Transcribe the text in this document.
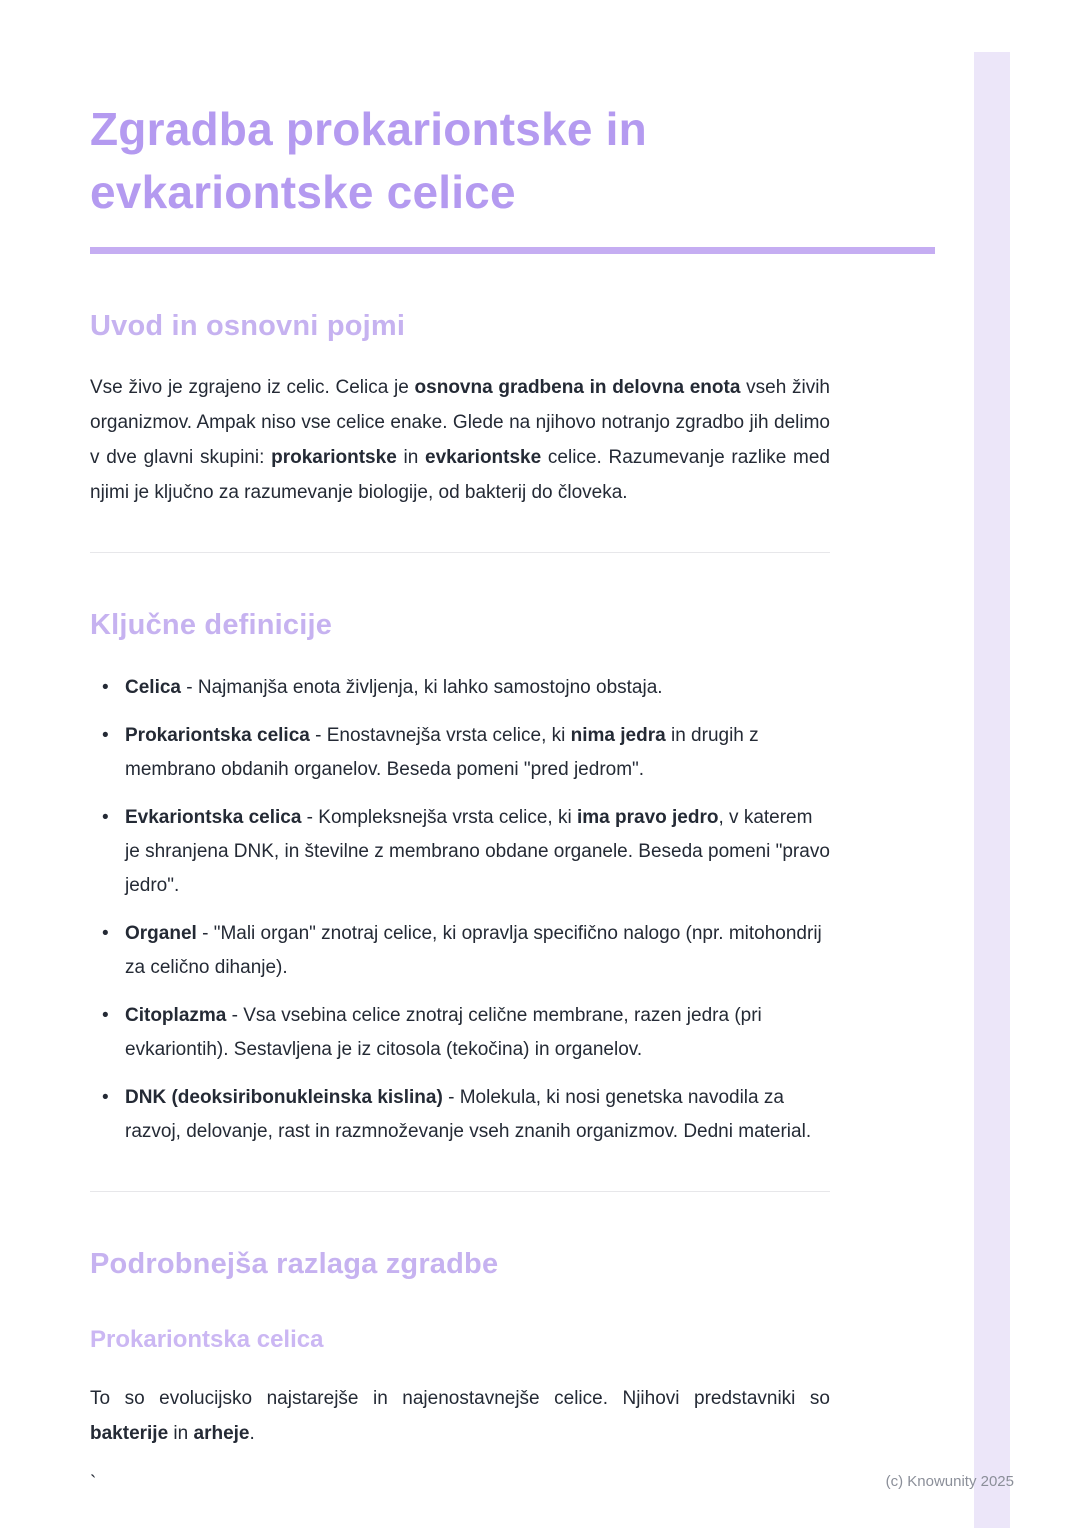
Zgradba prokariontske in evkariontske celice
Uvod in osnovni pojmi

Vse živo je zgrajeno iz celic. Celica je osnovna gradbena in delovna enota vseh živih organizmov. Ampak niso vse celice enake. Glede na njihovo notranjo zgradbo jih delimo v dve glavni skupini: prokariontske in evkariontske celice. Razumevanje razlike med njimi je ključno za razumevanje biologije, od bakterij do človeka.

Ključne definicije
• Celica - Najmanjša enota življenja, ki lahko samostojno obstaja.
• Prokariontska celica - Enostavnejša vrsta celice, ki nima jedra in drugih z membrano obdanih organelov. Beseda pomeni "pred jedrom".
• Evkariontska celica - Kompleksnejša vrsta celice, ki ima pravo jedro, v katerem je shranjena DNK, in številne z membrano obdane organele. Beseda pomeni "pravo jedro".
• Organel - "Mali organ" znotraj celice, ki opravlja specifično nalogo (npr. mitohondrij za celično dihanje).
• Citoplazma - Vsa vsebina celice znotraj celične membrane, razen jedra (pri evkariontih). Sestavljena je iz citosola (tekočina) in organelov.
• DNK (deoksiribonukleinska kislina) - Molekula, ki nosi genetska navodila za razvoj, delovanje, rast in razmnoževanje vseh znanih organizmov. Dedni material.
Podrobnejša razlaga zgradbe
Prokariontska celica

To so evolucijsko najstarejše in najenostavnejše celice. Njihovi predstavniki so bakterije in arheje.

`	(c) Knowunity 2025
